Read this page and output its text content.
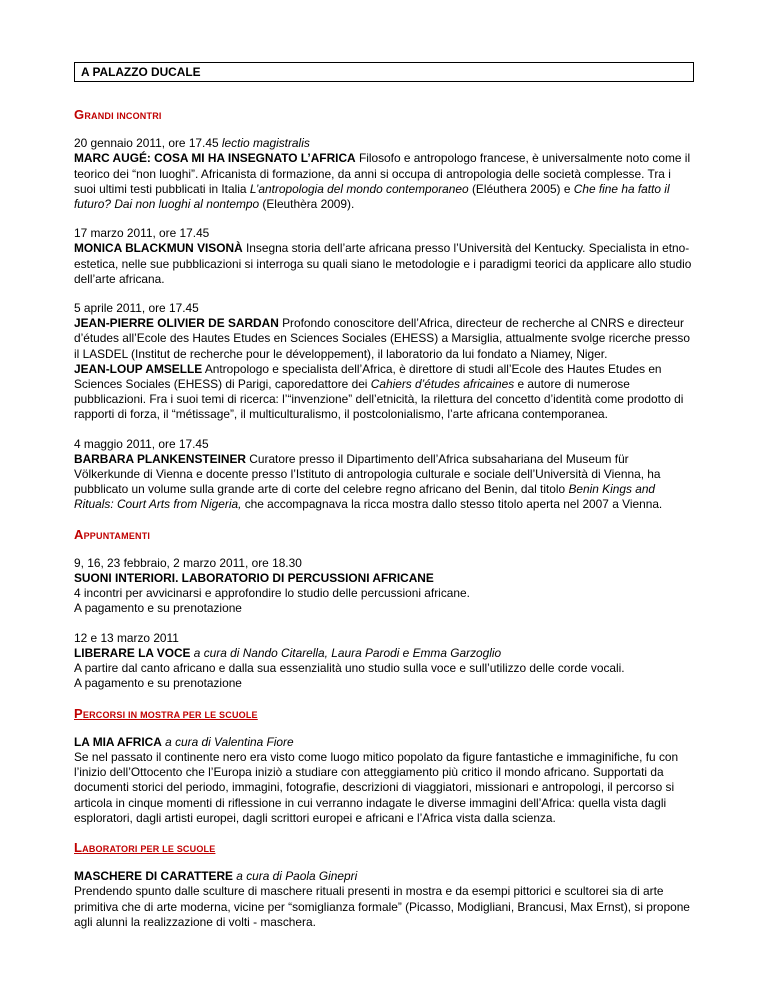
A PALAZZO DUCALE
GRANDI INCONTRI

20 gennaio 2011, ore 17.45 lectio magistralis

MARC AUGÉ: COSA MI HA INSEGNATO L’AFRICA Filosofo e antropologo francese, è universalmente noto come il teorico dei “non luoghi”. Africanista di formazione, da anni si occupa di antropologia delle società complesse. Tra i suoi ultimi testi pubblicati in Italia L’antropologia del mondo contemporaneo (Eléuthera 2005) e Che fine ha fatto il futuro? Dai non luoghi al nontempo (Eleuthèra 2009).

17 marzo 2011, ore 17.45

MONICA BLACKMUN VISONÀ Insegna storia dell’arte africana presso l’Università del Kentucky. Specialista in etno-estetica, nelle sue pubblicazioni si interroga su quali siano le metodologie e i paradigmi teorici da applicare allo studio dell’arte africana.

5 aprile 2011, ore 17.45

JEAN-PIERRE OLIVIER DE SARDAN Profondo conoscitore dell’Africa, directeur de recherche al CNRS e directeur d’études all’Ecole des Hautes Etudes en Sciences Sociales (EHESS) a Marsiglia, attualmente svolge ricerche presso il LASDEL (Institut de recherche pour le développement), il laboratorio da lui fondato a Niamey, Niger.

JEAN-LOUP AMSELLE Antropologo e specialista dell’Africa, è direttore di studi all’Ecole des Hautes Etudes en Sciences Sociales (EHESS) di Parigi, caporedattore dei Cahiers d’études africaines e autore di numerose pubblicazioni. Fra i suoi temi di ricerca: l’“invenzione” dell’etnicità, la rilettura del concetto d’identità come prodotto di rapporti di forza, il “métissage”, il multiculturalismo, il postcolonialismo, l’arte africana contemporanea.

4 maggio 2011, ore 17.45

BARBARA PLANKENSTEINER Curatore presso il Dipartimento dell’Africa subsahariana del Museum für Völkerkunde di Vienna e docente presso l’Istituto di antropologia culturale e sociale dell’Università di Vienna, ha pubblicato un volume sulla grande arte di corte del celebre regno africano del Benin, dal titolo Benin Kings and Rituals: Court Arts from Nigeria, che accompagnava la ricca mostra dallo stesso titolo aperta nel 2007 a Vienna.

APPUNTAMENTI

9, 16, 23 febbraio, 2 marzo 2011, ore 18.30

SUONI INTERIORI. LABORATORIO DI PERCUSSIONI AFRICANE

4 incontri per avvicinarsi e approfondire lo studio delle percussioni africane.

A pagamento e su prenotazione

12 e 13 marzo 2011

LIBERARE LA VOCE a cura di Nando Citarella, Laura Parodi e Emma Garzoglio

A partire dal canto africano e dalla sua essenzialità uno studio sulla voce e sull’utilizzo delle corde vocali.

A pagamento e su prenotazione

PERCORSI IN MOSTRA PER LE SCUOLE

LA MIA AFRICA a cura di Valentina Fiore

Se nel passato il continente nero era visto come luogo mitico popolato da figure fantastiche e immaginifiche, fu con l’inizio dell’Ottocento che l’Europa iniziò a studiare con atteggiamento più critico il mondo africano. Supportati da documenti storici del periodo, immagini, fotografie, descrizioni di viaggiatori, missionari e antropologi, il percorso si articola in cinque momenti di riflessione in cui verranno indagate le diverse immagini dell’Africa: quella vista dagli esploratori, dagli artisti europei, dagli scrittori europei e africani e l’Africa vista dalla scienza.

LABORATORI PER LE SCUOLE

MASCHERE DI CARATTERE a cura di Paola Ginepri

Prendendo spunto dalle sculture di maschere rituali presenti in mostra e da esempi pittorici e scultorei sia di arte primitiva che di arte moderna, vicine per “somiglianza formale” (Picasso, Modigliani, Brancusi, Max Ernst), si propone agli alunni la realizzazione di volti - maschera.
